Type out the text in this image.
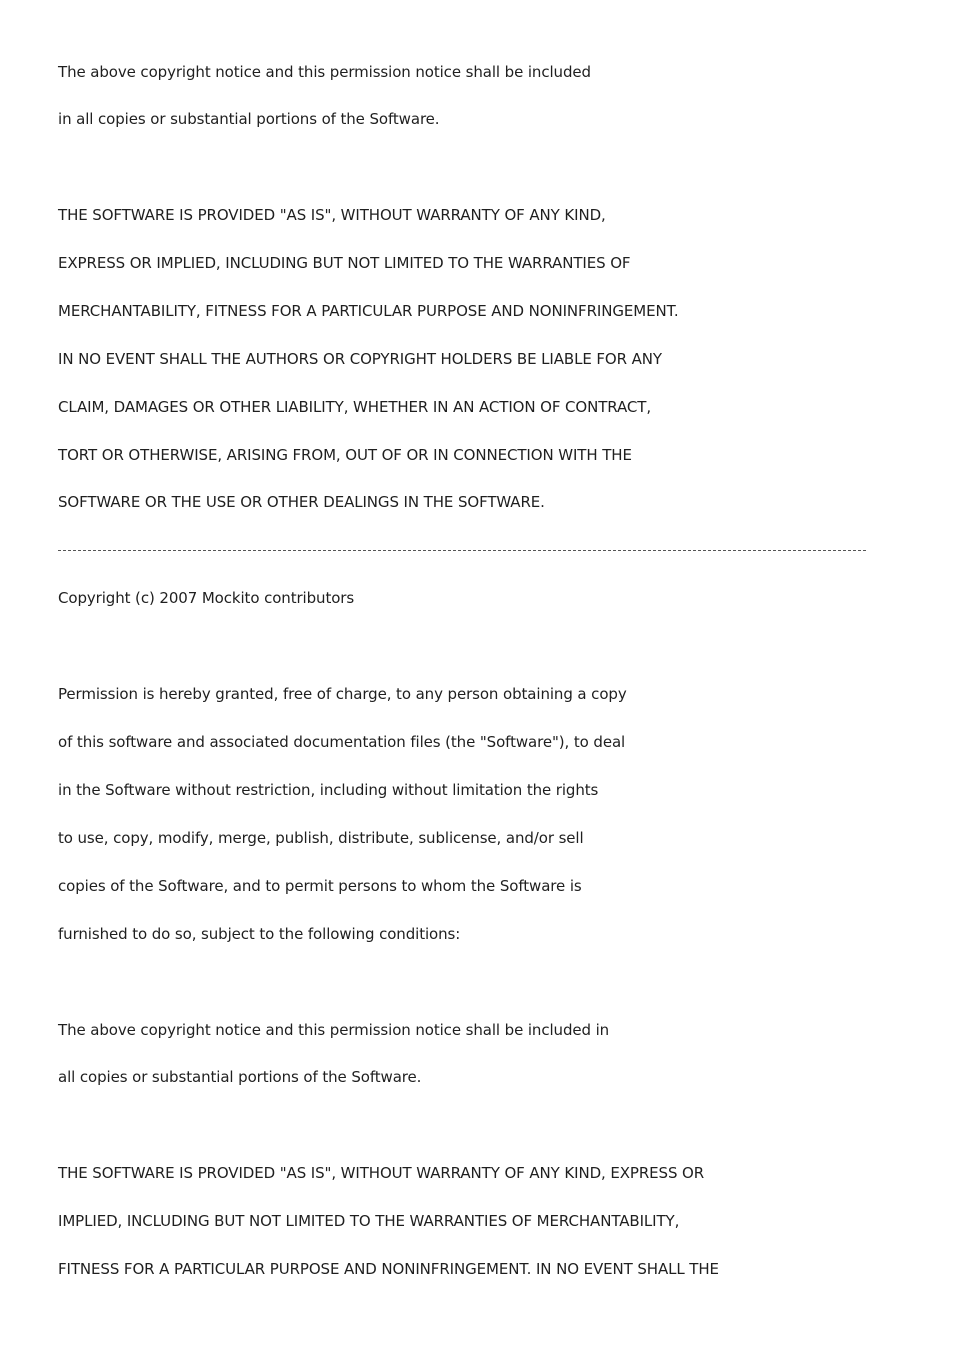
The above copyright notice and this permission notice shall be included

in all copies or substantial portions of the Software.

THE SOFTWARE IS PROVIDED "AS IS", WITHOUT WARRANTY OF ANY KIND,

EXPRESS OR IMPLIED, INCLUDING BUT NOT LIMITED TO THE WARRANTIES OF

MERCHANTABILITY, FITNESS FOR A PARTICULAR PURPOSE AND NONINFRINGEMENT.

IN NO EVENT SHALL THE AUTHORS OR COPYRIGHT HOLDERS BE LIABLE FOR ANY

CLAIM, DAMAGES OR OTHER LIABILITY, WHETHER IN AN ACTION OF CONTRACT,

TORT OR OTHERWISE, ARISING FROM, OUT OF OR IN CONNECTION WITH THE

SOFTWARE OR THE USE OR OTHER DEALINGS IN THE SOFTWARE.

Copyright (c) 2007 Mockito contributors

Permission is hereby granted, free of charge, to any person obtaining a copy

of this software and associated documentation files (the "Software"), to deal

in the Software without restriction, including without limitation the rights

to use, copy, modify, merge, publish, distribute, sublicense, and/or sell

copies of the Software, and to permit persons to whom the Software is

furnished to do so, subject to the following conditions:

The above copyright notice and this permission notice shall be included in

all copies or substantial portions of the Software.

THE SOFTWARE IS PROVIDED "AS IS", WITHOUT WARRANTY OF ANY KIND, EXPRESS OR

IMPLIED, INCLUDING BUT NOT LIMITED TO THE WARRANTIES OF MERCHANTABILITY,

FITNESS FOR A PARTICULAR PURPOSE AND NONINFRINGEMENT. IN NO EVENT SHALL THE
